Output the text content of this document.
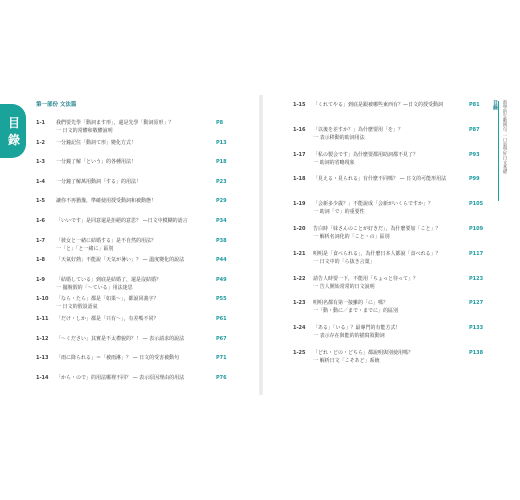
目
錄
第一部份 文法篇
1-1 我們要先學「動詞ます形」，還是先學「動詞原形」？	P8
一 日文的常體和敬體說明
1-2 一分鐘記住「動詞て形」變化方式！	P13
1-3 一分鐘了解「という」的各種用法！	P18
1-4 一分鐘了解萬用動詞「する」的用法！	P23
1-5 讓你不再猶豫，準確使用授受動詞和被動態！	P29
1-6 「いいです」是同意還是拒絕的意思？ —日文中模糊的語言	P34
1-7 「彼女と一緒に結婚する」是不自然的用法？	P38
一「と」「と一緒に」區別
1-8 「天氣好熱」不能說「天気が暑い」？ — 溫度變化的說法	P44
1-9 「結婚している」到底是結婚了，還是沒結婚？	P49
一 擺脫假的「～ている」用法迷思
1-10 「なら・たら」都是「如果～」，都說同義字？	P55
一 日文的假設語氣
1-11 「だけ・しか」都是「只有～」，有差嗎不同？	P61
1-12 「～ください」其實是不太禮貌的？！ — 表示請求的說法	P67
1-13 「雨に降られる」＝「被雨淋」？ — 日文的受害被動句	P71
1-14 「から・ので」的用法哪裡不同？ — 表示原因理由的用法	P76
1-15 「くれてやる」到底是跟被哪些東西有？—日文的授受動詞	P81
1-16 「以後を差すか？」為什麼要用「を」？	P87
一 表示移動的助詞用法
1-17 「私の製会です」為什麼要都用助詞都不見了？	P93
一 助詞的省略現象
1-18 「見える・見られる」有什麼不同嗎？ — 日文的可能形用法	P99
1-19 「会新多少歳？」不能說成「会新がいくらですか」？	P105
一 助詞「で」的重要性
1-20 告白時「妹さんのことが好きだ」，為什麼要加「こと」？	P109
一 解析名詞化的「こと・の」區別
1-21 明明是「食べられる」，為什麼日本人都說「食べれる」？	P117
一 日文中的「ら抜き言葉」
1-22 請告人時要一下，不能用「ちょっと待って」？	P123
一 告人開始常常的日文說明
1-23 明明名都有第一接雖的「に」嗎？	P127
一「動・動に／まで・までに」的區別
1-24 「ある」「いる」？最專門的有能方式！	P133
一 表示存在與能的的描寫敘動詞
1-25 「どれ・どの・どちら」都說明與別使用嗎？	P138
一 解析日文「こそあど」系統
目錄 新學的生動例句 一口氣學好日文基礎
